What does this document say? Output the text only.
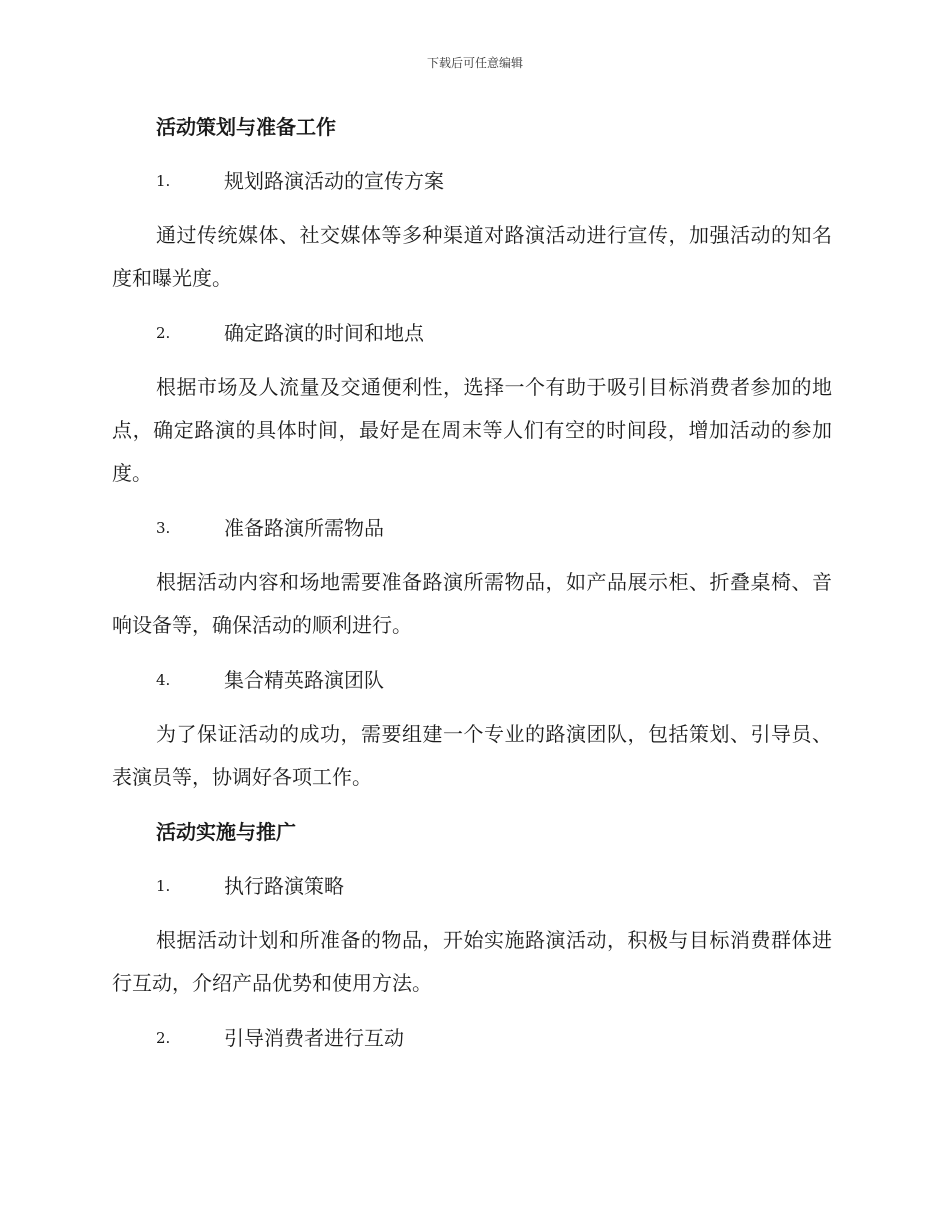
下载后可任意编辑
活动策划与准备工作
1.	规划路演活动的宣传方案

通过传统媒体、社交媒体等多种渠道对路演活动进行宣传，加强活动的知名度和曝光度。

2.	确定路演的时间和地点

根据市场及人流量及交通便利性，选择一个有助于吸引目标消费者参加的地点，确定路演的具体时间，最好是在周末等人们有空的时间段，增加活动的参加度。

3.	准备路演所需物品

根据活动内容和场地需要准备路演所需物品，如产品展示柜、折叠桌椅、音响设备等，确保活动的顺利进行。

4.	集合精英路演团队

为了保证活动的成功，需要组建一个专业的路演团队，包括策划、引导员、表演员等，协调好各项工作。

活动实施与推广
1.	执行路演策略

根据活动计划和所准备的物品，开始实施路演活动，积极与目标消费群体进行互动，介绍产品优势和使用方法。

2.	引导消费者进行互动
